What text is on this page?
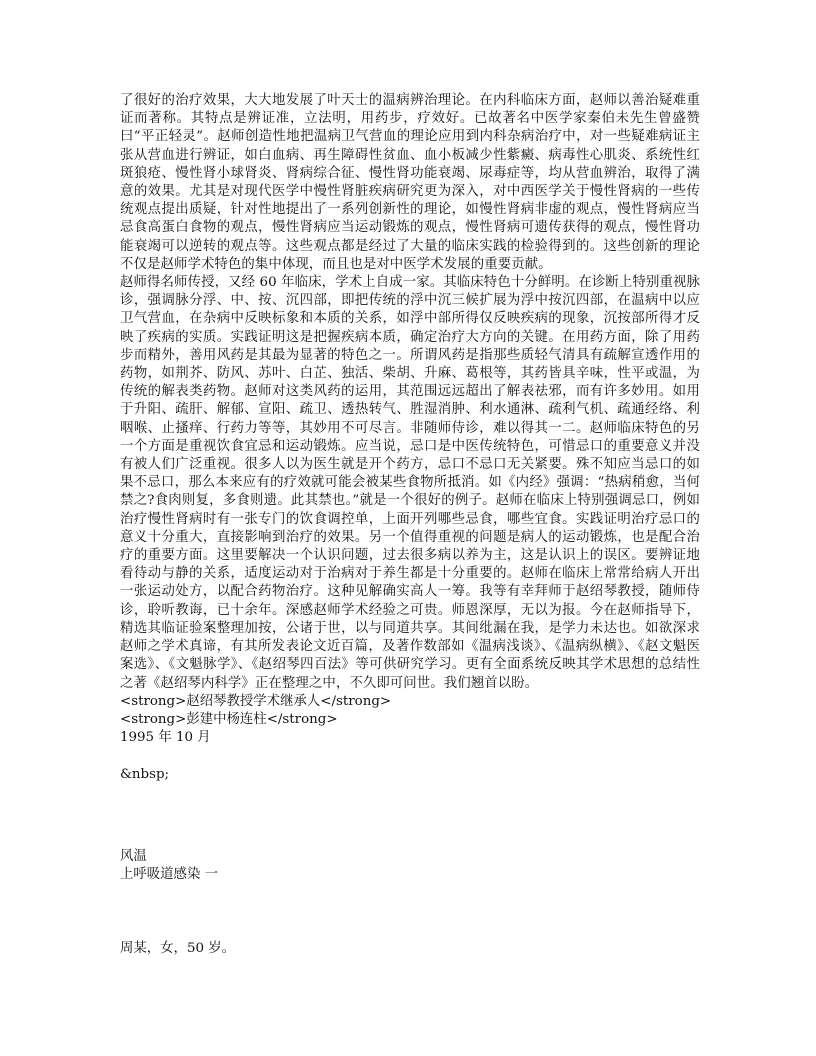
了很好的治疗效果，大大地发展了叶天士的温病辨治理论。在内科临床方面，赵师以善治疑难重证而著称。其特点是辨证准，立法明，用药步，疗效好。已故著名中医学家秦伯未先生曾盛赞曰“平正轻灵”。赵师创造性地把温病卫气营血的理论应用到内科杂病治疗中，对一些疑难病证主张从营血进行辨证，如白血病、再生障碍性贫血、血小板减少性紫癜、病毒性心肌炎、系统性红斑狼疮、慢性肾小球肾炎、肾病综合征、慢性肾功能衰竭、尿毒症等，均从营血辨治，取得了满意的效果。尤其是对现代医学中慢性肾脏疾病研究更为深入，对中西医学关于慢性肾病的一些传统观点提出质疑，针对性地提出了一系列创新性的理论，如慢性肾病非虚的观点，慢性肾病应当忌食高蛋白食物的观点，慢性肾病应当运动锻炼的观点，慢性肾病可遗传获得的观点，慢性肾功能衰竭可以逆转的观点等。这些观点都是经过了大量的临床实践的检验得到的。这些创新的理论不仅是赵师学术特色的集中体现，而且也是对中医学术发展的重要贡献。

赵师得名师传授，又经 60 年临床，学术上自成一家。其临床特色十分鲜明。在诊断上特别重视脉诊，强调脉分浮、中、按、沉四部，即把传统的浮中沉三候扩展为浮中按沉四部，在温病中以应卫气营血，在杂病中反映标象和本质的关系，如浮中部所得仅反映疾病的现象，沉按部所得才反映了疾病的实质。实践证明这是把握疾病本质，确定治疗大方向的关键。在用药方面，除了用药步而精外，善用风药是其最为显著的特色之一。所谓风药是指那些质轻气清具有疏解宣透作用的药物，如荆芥、防风、苏叶、白芷、独活、柴胡、升麻、葛根等，其药皆具辛味，性平或温，为传统的解表类药物。赵师对这类风药的运用，其范围远远超出了解表祛邪，而有许多妙用。如用于升阳、疏肝、解郁、宣阳、疏卫、透热转气、胜湿消肿、利水通淋、疏利气机、疏通经络、利咽喉、止搔痒、行药力等等，其妙用不可尽言。非随师侍诊，难以得其一二。赵师临床特色的另一个方面是重视饮食宜忌和运动锻炼。应当说，忌口是中医传统特色，可惜忌口的重要意义并没有被人们广泛重视。很多人以为医生就是开个药方，忌口不忌口无关紧要。殊不知应当忌口的如果不忌口，那么本来应有的疗效就可能会被某些食物所抵消。如《内经》强调：“热病稍愈，当何禁之?食肉则复，多食则遗。此其禁也。”就是一个很好的例子。赵师在临床上特别强调忌口，例如治疗慢性肾病时有一张专门的饮食调控单，上面开列哪些忌食，哪些宜食。实践证明治疗忌口的意义十分重大，直接影响到治疗的效果。另一个值得重视的问题是病人的运动锻炼，也是配合治疗的重要方面。这里要解决一个认识问题，过去很多病以养为主，这是认识上的误区。要辨证地看待动与静的关系，适度运动对于治病对于养生都是十分重要的。赵师在临床上常常给病人开出一张运动处方，以配合药物治疗。这种见解确实高人一筹。我等有幸拜师于赵绍琴教授，随师侍诊，聆听教诲，已十余年。深感赵师学术经验之可贵。师恩深厚，无以为报。今在赵师指导下，精选其临证验案整理加按，公诸于世，以与同道共享。其间纰漏在我，是学力未达也。如欲深求赵师之学术真谛，有其所发表论文近百篇，及著作数部如《温病浅谈》、《温病纵横》、《赵文魁医案选》、《文魁脉学》、《赵绍琴四百法》等可供研究学习。更有全面系统反映其学术思想的总结性之著《赵绍琴内科学》正在整理之中，不久即可问世。我们翘首以盼。

<strong>赵绍琴教授学术继承人</strong>

<strong>彭建中杨连柱</strong>

1995 年 10 月

&nbsp;

风温

上呼吸道感染 一

周某，女，50 岁。
